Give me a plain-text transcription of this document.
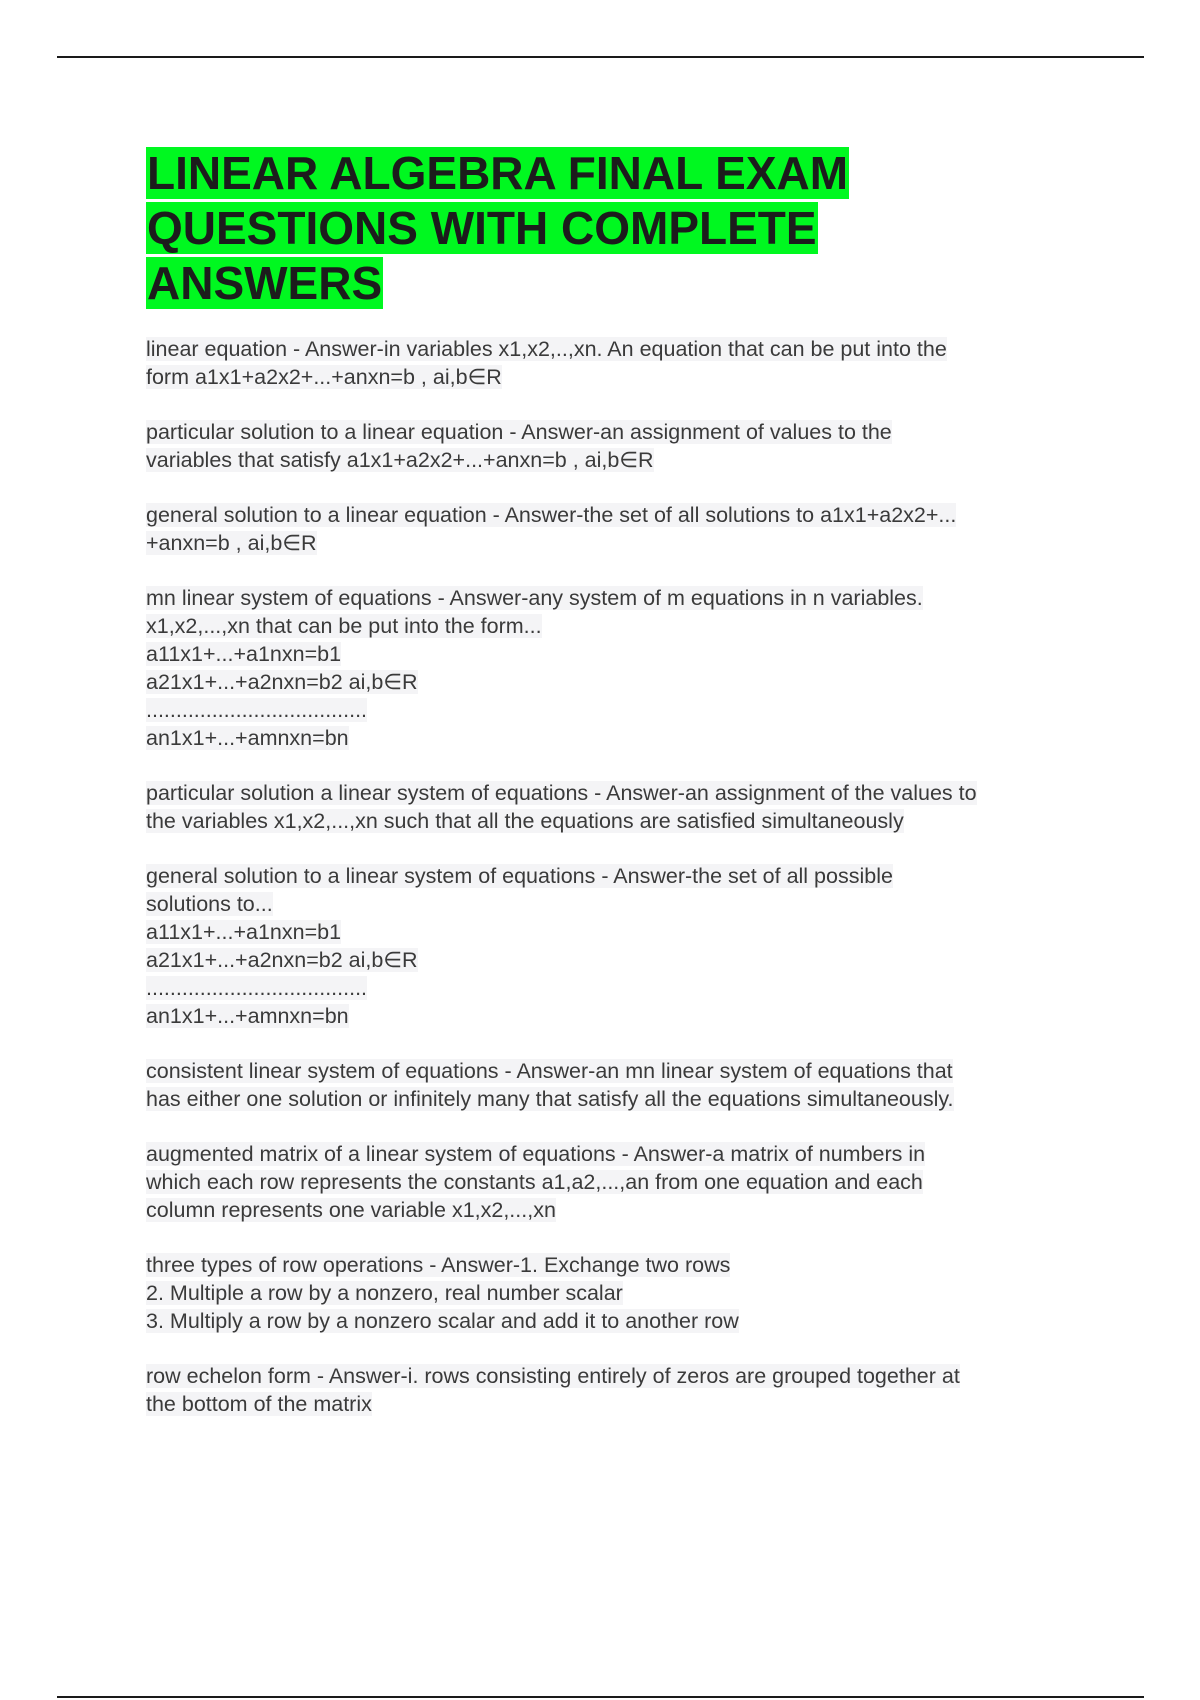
LINEAR ALGEBRA FINAL EXAM
QUESTIONS WITH COMPLETE
ANSWERS
linear equation - Answer-in variables x1,x2,..,xn. An equation that can be put into the
form a1x1+a2x2+...+anxn=b , ai,b∈R
particular solution to a linear equation - Answer-an assignment of values to the
variables that satisfy a1x1+a2x2+...+anxn=b , ai,b∈R
general solution to a linear equation - Answer-the set of all solutions to a1x1+a2x2+...
+anxn=b , ai,b∈R
mn linear system of equations - Answer-any system of m equations in n variables.
x1,x2,...,xn that can be put into the form...
a11x1+...+a1nxn=b1
a21x1+...+a2nxn=b2 ai,b∈R
.....................................
an1x1+...+amnxn=bn
particular solution a linear system of equations - Answer-an assignment of the values to
the variables x1,x2,...,xn such that all the equations are satisfied simultaneously
general solution to a linear system of equations - Answer-the set of all possible
solutions to...
a11x1+...+a1nxn=b1
a21x1+...+a2nxn=b2 ai,b∈R
.....................................
an1x1+...+amnxn=bn
consistent linear system of equations - Answer-an mn linear system of equations that
has either one solution or infinitely many that satisfy all the equations simultaneously.
augmented matrix of a linear system of equations - Answer-a matrix of numbers in
which each row represents the constants a1,a2,...,an from one equation and each
column represents one variable x1,x2,...,xn
three types of row operations - Answer-1. Exchange two rows
2. Multiple a row by a nonzero, real number scalar
3. Multiply a row by a nonzero scalar and add it to another row
row echelon form - Answer-i. rows consisting entirely of zeros are grouped together at
the bottom of the matrix
